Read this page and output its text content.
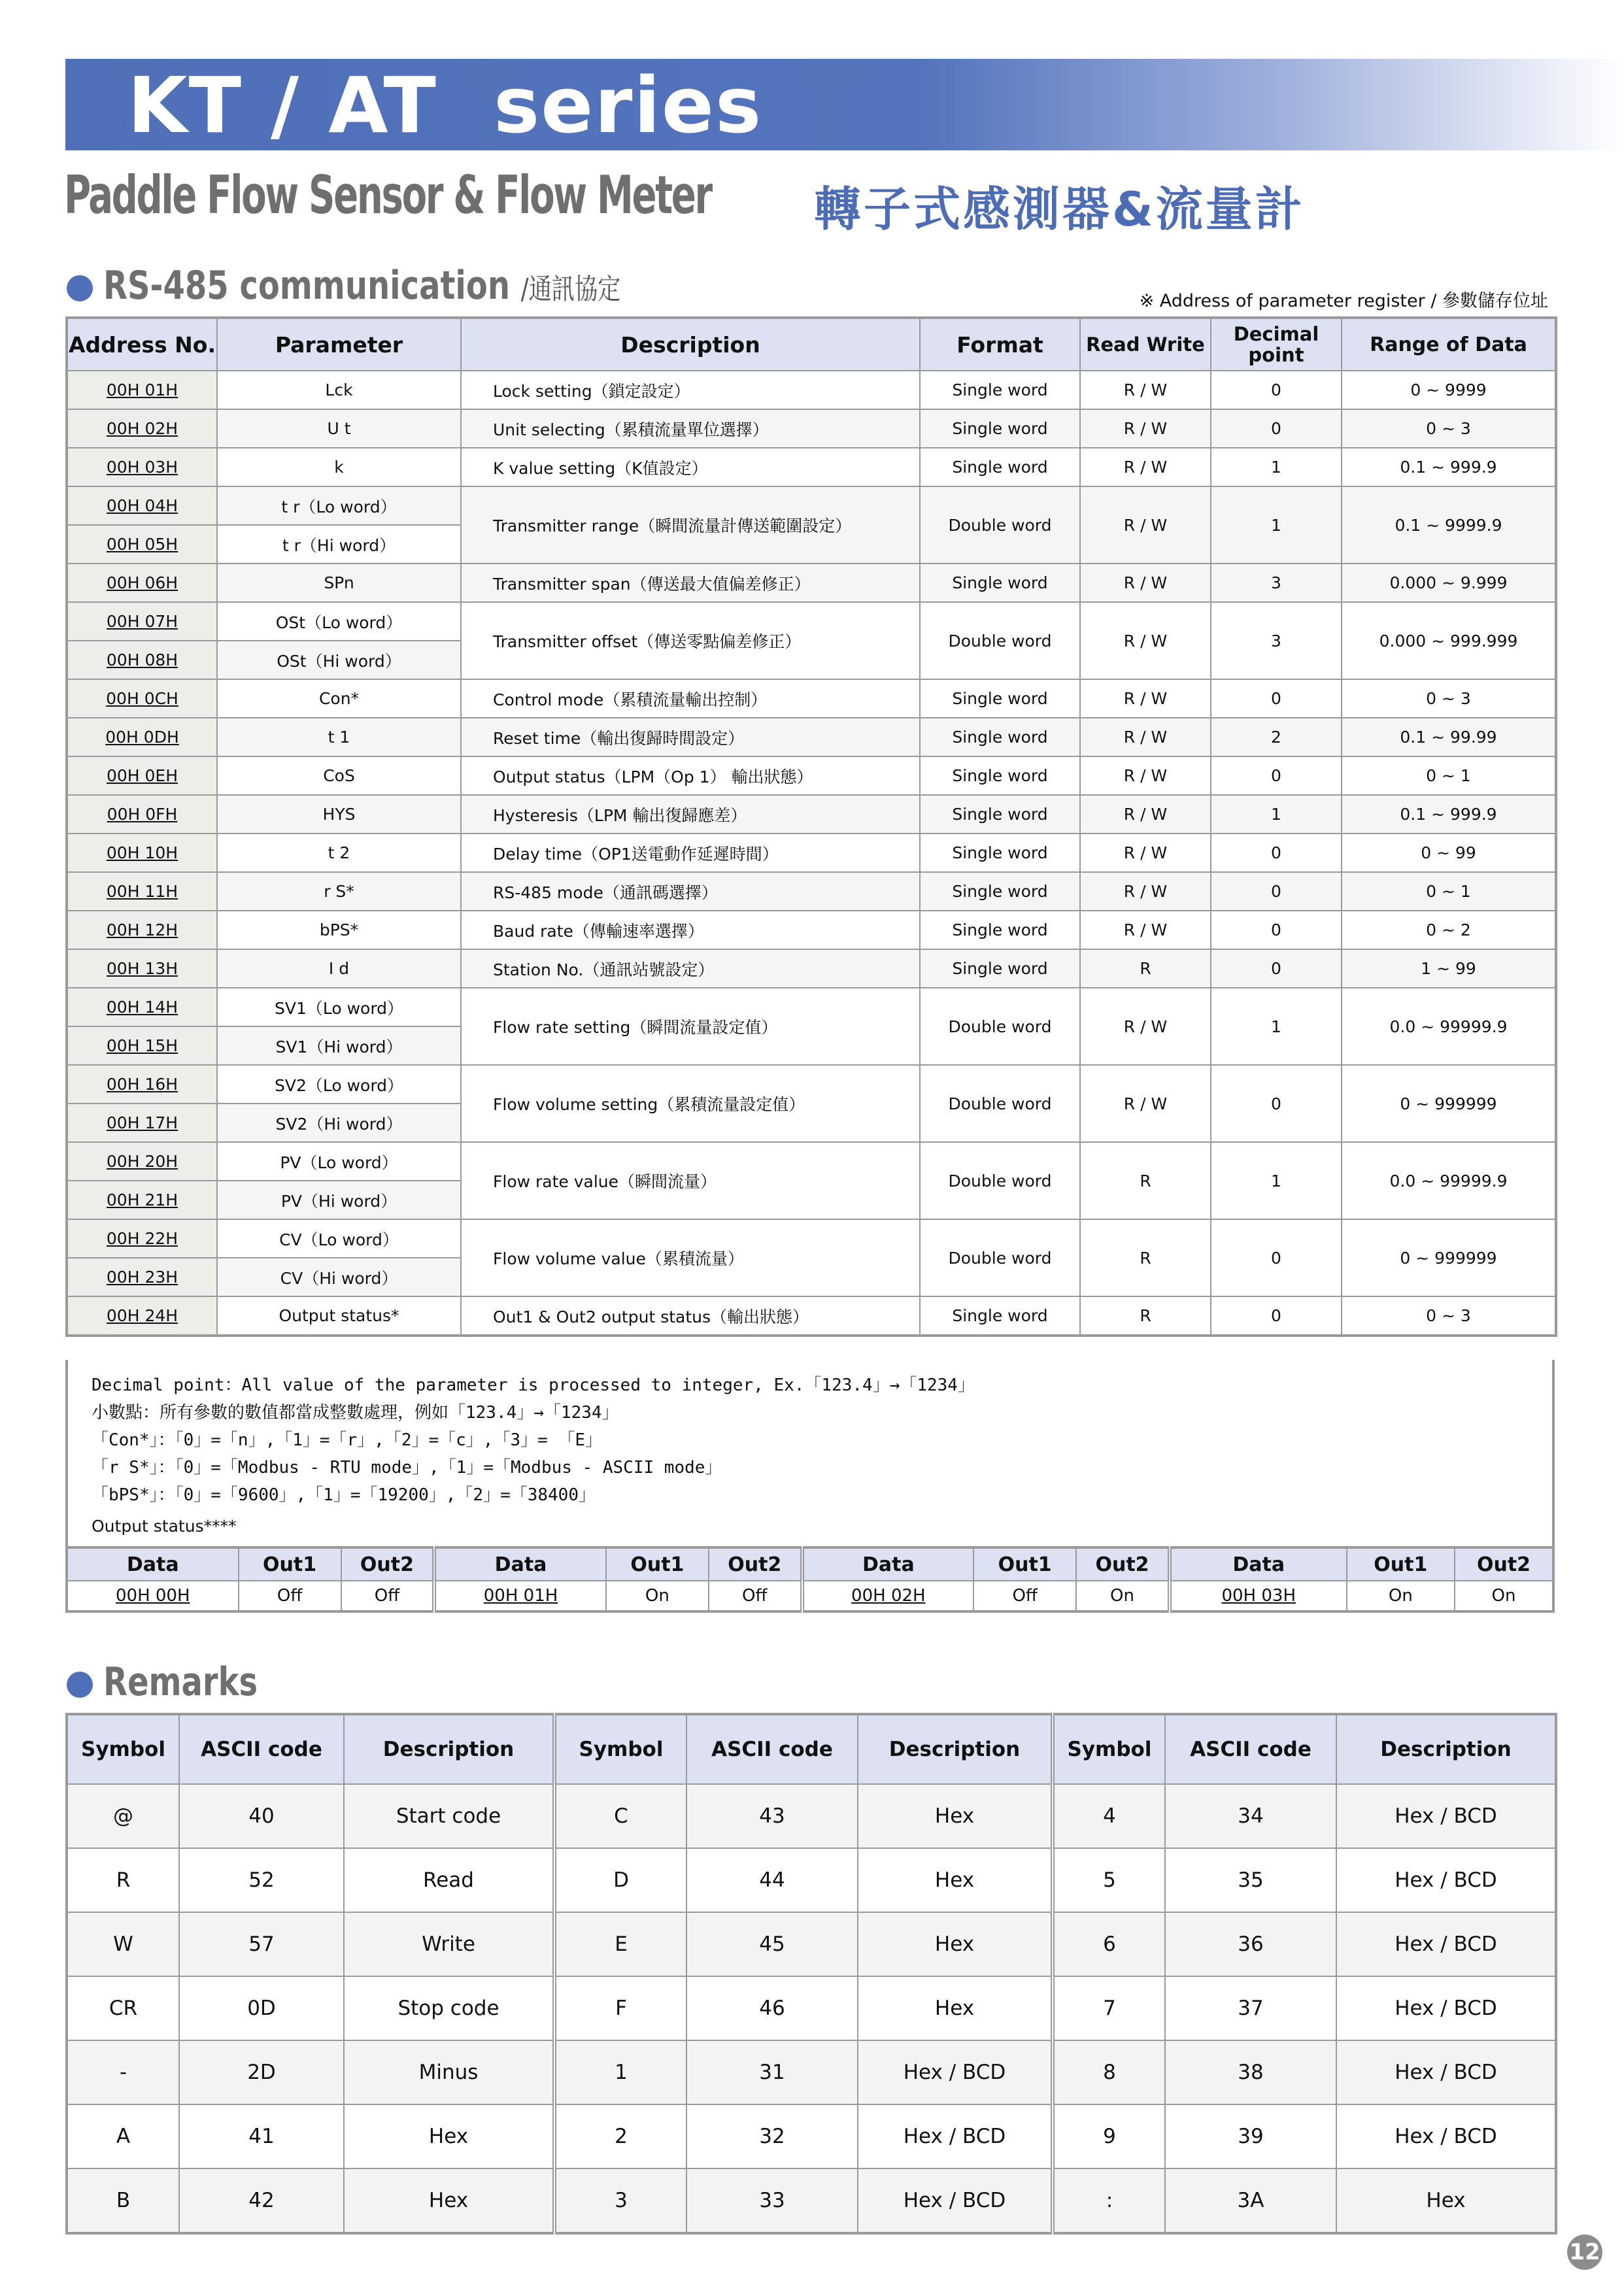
KT / AT  series
Paddle Flow Sensor & Flow Meter 轉子式感測器&流量計
RS-485 communication /通訊協定	※ Address of parameter register / 參數儲存位址
Address No.	Parameter	Description	Format	Read Write	Decimal point	Range of Data
00H 01H	Lck	Lock setting（鎖定設定）	Single word	R / W	0	0 ~ 9999
00H 02H	U t	Unit selecting（累積流量單位選擇）	Single word	R / W	0	0 ~ 3
00H 03H	k	K value setting（K值設定）	Single word	R / W	1	0.1 ~ 999.9
00H 04H	t r（Lo word）	Transmitter range（瞬間流量計傳送範圍設定）	Double word	R / W	1	0.1 ~ 9999.9
00H 05H	t r（Hi word）					
00H 06H	SPn	Transmitter span（傳送最大值偏差修正）	Single word	R / W	3	0.000 ~ 9.999
00H 07H	OSt（Lo word）	Transmitter offset（傳送零點偏差修正）	Double word	R / W	3	0.000 ~ 999.999
00H 08H	OSt（Hi word）					
00H 0CH	Con*	Control mode（累積流量輸出控制）	Single word	R / W	0	0 ~ 3
00H 0DH	t 1	Reset time（輸出復歸時間設定）	Single word	R / W	2	0.1 ~ 99.99
00H 0EH	CoS	Output status（LPM（Op 1） 輸出狀態）	Single word	R / W	0	0 ~ 1
00H 0FH	HYS	Hysteresis（LPM 輸出復歸應差）	Single word	R / W	1	0.1 ~ 999.9
00H 10H	t 2	Delay time（OP1送電動作延遲時間）	Single word	R / W	0	0 ~ 99
00H 11H	r S*	RS-485 mode（通訊碼選擇）	Single word	R / W	0	0 ~ 1
00H 12H	bPS*	Baud rate（傳輸速率選擇）	Single word	R / W	0	0 ~ 2
00H 13H	I d	Station No.（通訊站號設定）	Single word	R	0	1 ~ 99
00H 14H	SV1（Lo word）	Flow rate setting（瞬間流量設定值）	Double word	R / W	1	0.0 ~ 99999.9
00H 15H	SV1（Hi word）					
00H 16H	SV2（Lo word）	Flow volume setting（累積流量設定值）	Double word	R / W	0	0 ~ 999999
00H 17H	SV2（Hi word）					
00H 20H	PV（Lo word）	Flow rate value（瞬間流量）	Double word	R	1	0.0 ~ 99999.9
00H 21H	PV（Hi word）					
00H 22H	CV（Lo word）	Flow volume value（累積流量）	Double word	R	0	0 ~ 999999
00H 23H	CV（Hi word）					
00H 24H	Output status*	Out1 & Out2 output status（輸出狀態）	Single word	R	0	0 ~ 3
Decimal point：All value of the parameter is processed to integer, Ex.「123.4」→「1234」
小數點：所有參數的數值都當成整數處理，例如「123.4」→「1234」
「Con*」：「0」=「n」,「1」=「r」,「2」=「c」,「3」= 「E」
「r S*」：「0」=「Modbus - RTU mode」,「1」=「Modbus - ASCII mode」
「bPS*」：「0」=「9600」,「1」=「19200」,「2」=「38400」
Output status****
Data	Out1	Out2	Data	Out1	Out2	Data	Out1	Out2	Data	Out1	Out2
00H 00H	Off	Off	00H 01H	On	Off	00H 02H	Off	On	00H 03H	On	On
Remarks
Symbol	ASCII code	Description	Symbol	ASCII code	Description	Symbol	ASCII code	Description
@	40	Start code	C	43	Hex	4	34	Hex / BCD
R	52	Read	D	44	Hex	5	35	Hex / BCD
W	57	Write	E	45	Hex	6	36	Hex / BCD
CR	0D	Stop code	F	46	Hex	7	37	Hex / BCD
-	2D	Minus	1	31	Hex / BCD	8	38	Hex / BCD
A	41	Hex	2	32	Hex / BCD	9	39	Hex / BCD
B	42	Hex	3	33	Hex / BCD	:	3A	Hex
12
